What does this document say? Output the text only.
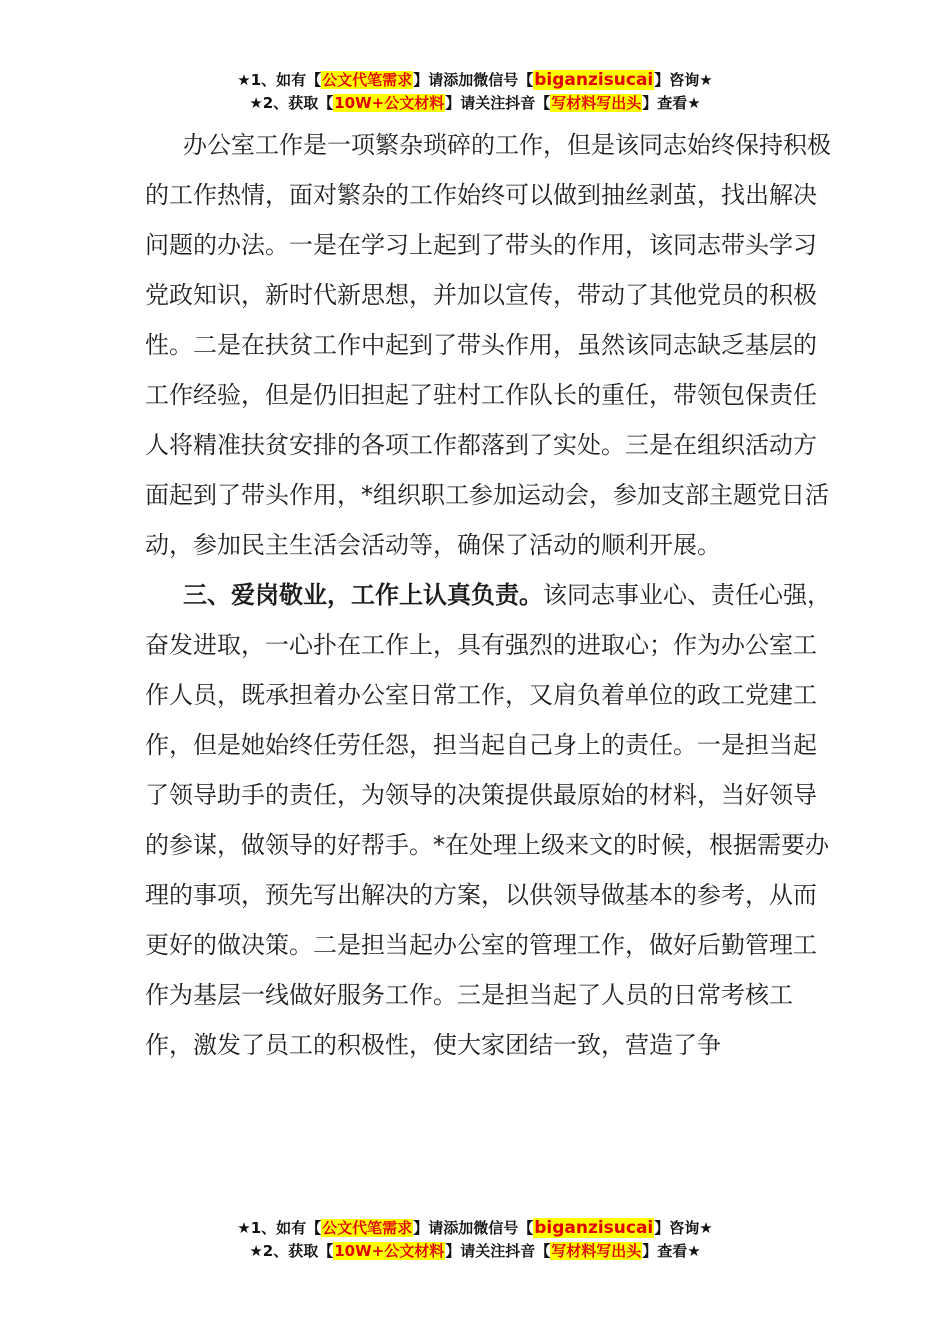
★1、如有【公文代笔需求】请添加微信号【biganzisucai】咨询★
★2、获取【10W+公文材料】请关注抖音【写材料写出头】查看★

办公室工作是一项繁杂琐碎的工作，但是该同志始终保持积极的工作热情，面对繁杂的工作始终可以做到抽丝剥茧，找出解决问题的办法。一是在学习上起到了带头的作用，该同志带头学习党政知识，新时代新思想，并加以宣传，带动了其他党员的积极性。二是在扶贫工作中起到了带头作用，虽然该同志缺乏基层的工作经验，但是仍旧担起了驻村工作队长的重任，带领包保责任人将精准扶贫安排的各项工作都落到了实处。三是在组织活动方面起到了带头作用，*组织职工参加运动会，参加支部主题党日活动，参加民主生活会活动等，确保了活动的顺利开展。

三、爱岗敬业，工作上认真负责。该同志事业心、责任心强，奋发进取，一心扑在工作上，具有强烈的进取心；作为办公室工作人员，既承担着办公室日常工作，又肩负着单位的政工党建工作，但是她始终任劳任怨，担当起自己身上的责任。一是担当起了领导助手的责任，为领导的决策提供最原始的材料，当好领导的参谋，做领导的好帮手。*在处理上级来文的时候，根据需要办理的事项，预先写出解决的方案，以供领导做基本的参考，从而更好的做决策。二是担当起办公室的管理工作，做好后勤管理工作为基层一线做好服务工作。三是担当起了人员的日常考核工作，激发了员工的积极性，使大家团结一致，营造了争

★1、如有【公文代笔需求】请添加微信号【biganzisucai】咨询★
★2、获取【10W+公文材料】请关注抖音【写材料写出头】查看★
